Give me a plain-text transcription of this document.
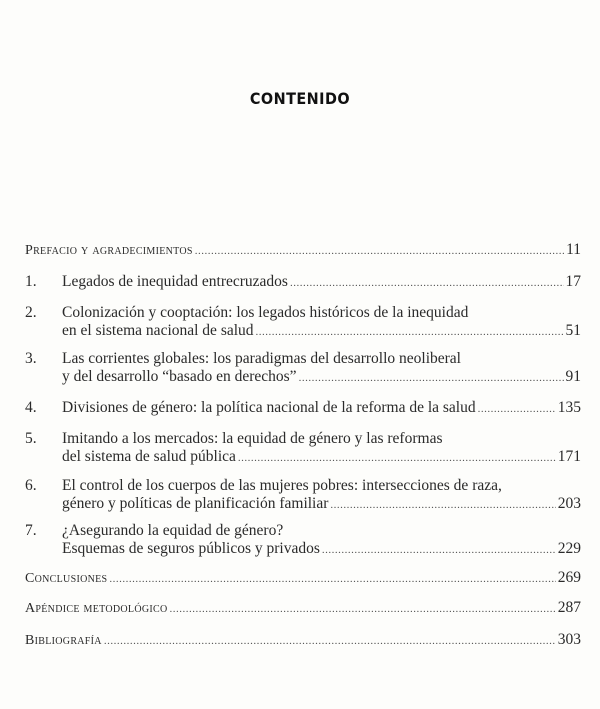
CONTENIDO
Prefacio y agradecimientos .....	11
1.	Legados de inequidad entrecruzados .....	17
2.	Colonización y cooptación: los legados históricos de la inequidad
en el sistema nacional de salud .....	51
3.	Las corrientes globales: los paradigmas del desarrollo neoliberal
y del desarrollo “basado en derechos” .....	91
4.	Divisiones de género: la política nacional de la reforma de la salud .....	135
5.	Imitando a los mercados: la equidad de género y las reformas
del sistema de salud pública .....	171
6.	El control de los cuerpos de las mujeres pobres: intersecciones de raza,
género y políticas de planificación familiar .....	203
7.	¿Asegurando la equidad de género?
Esquemas de seguros públicos y privados .....	229
Conclusiones .....	269
Apéndice metodológico .....	287
Bibliografía .....	303
